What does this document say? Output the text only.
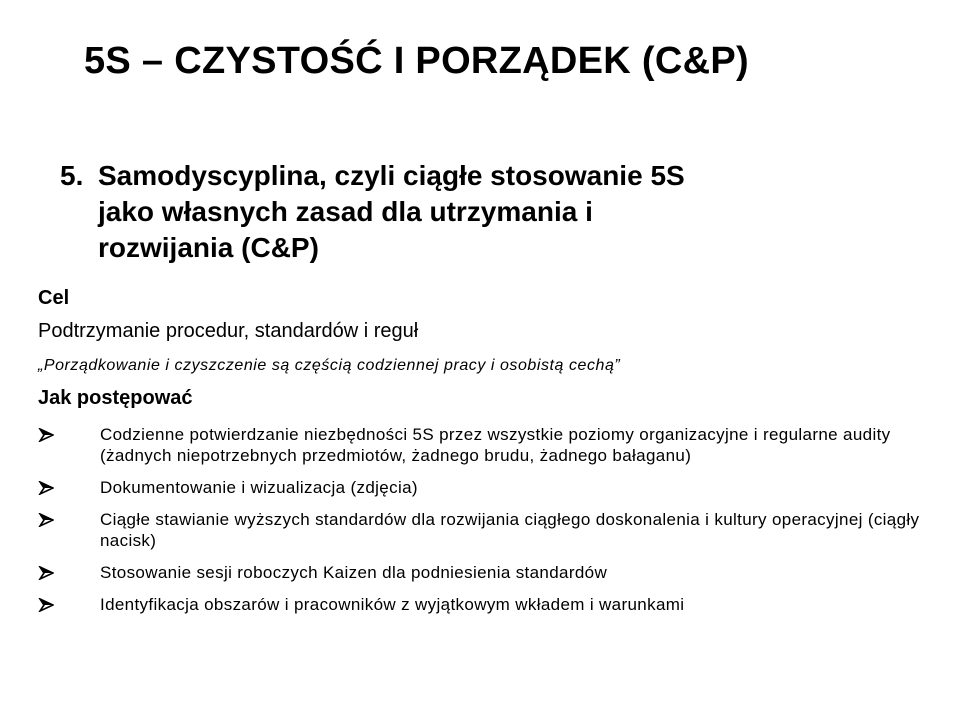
5S – CZYSTOŚĆ I PORZĄDEK (C&P)
5. Samodyscyplina, czyli ciągłe stosowanie 5S
jako własnych zasad dla utrzymania i
rozwijania (C&P)
Cel
Podtrzymanie procedur, standardów i reguł
„Porządkowanie i czyszczenie są częścią codziennej pracy i osobistą cechą”
Jak postępować
Codzienne potwierdzanie niezbędności 5S przez wszystkie poziomy organizacyjne i regularne audity (żadnych niepotrzebnych przedmiotów, żadnego brudu, żadnego bałaganu)
Dokumentowanie i wizualizacja (zdjęcia)
Ciągłe stawianie wyższych standardów dla rozwijania ciągłego doskonalenia i kultury operacyjnej (ciągły nacisk)
Stosowanie sesji roboczych Kaizen dla podniesienia standardów
Identyfikacja obszarów i pracowników z wyjątkowym wkładem i warunkami
